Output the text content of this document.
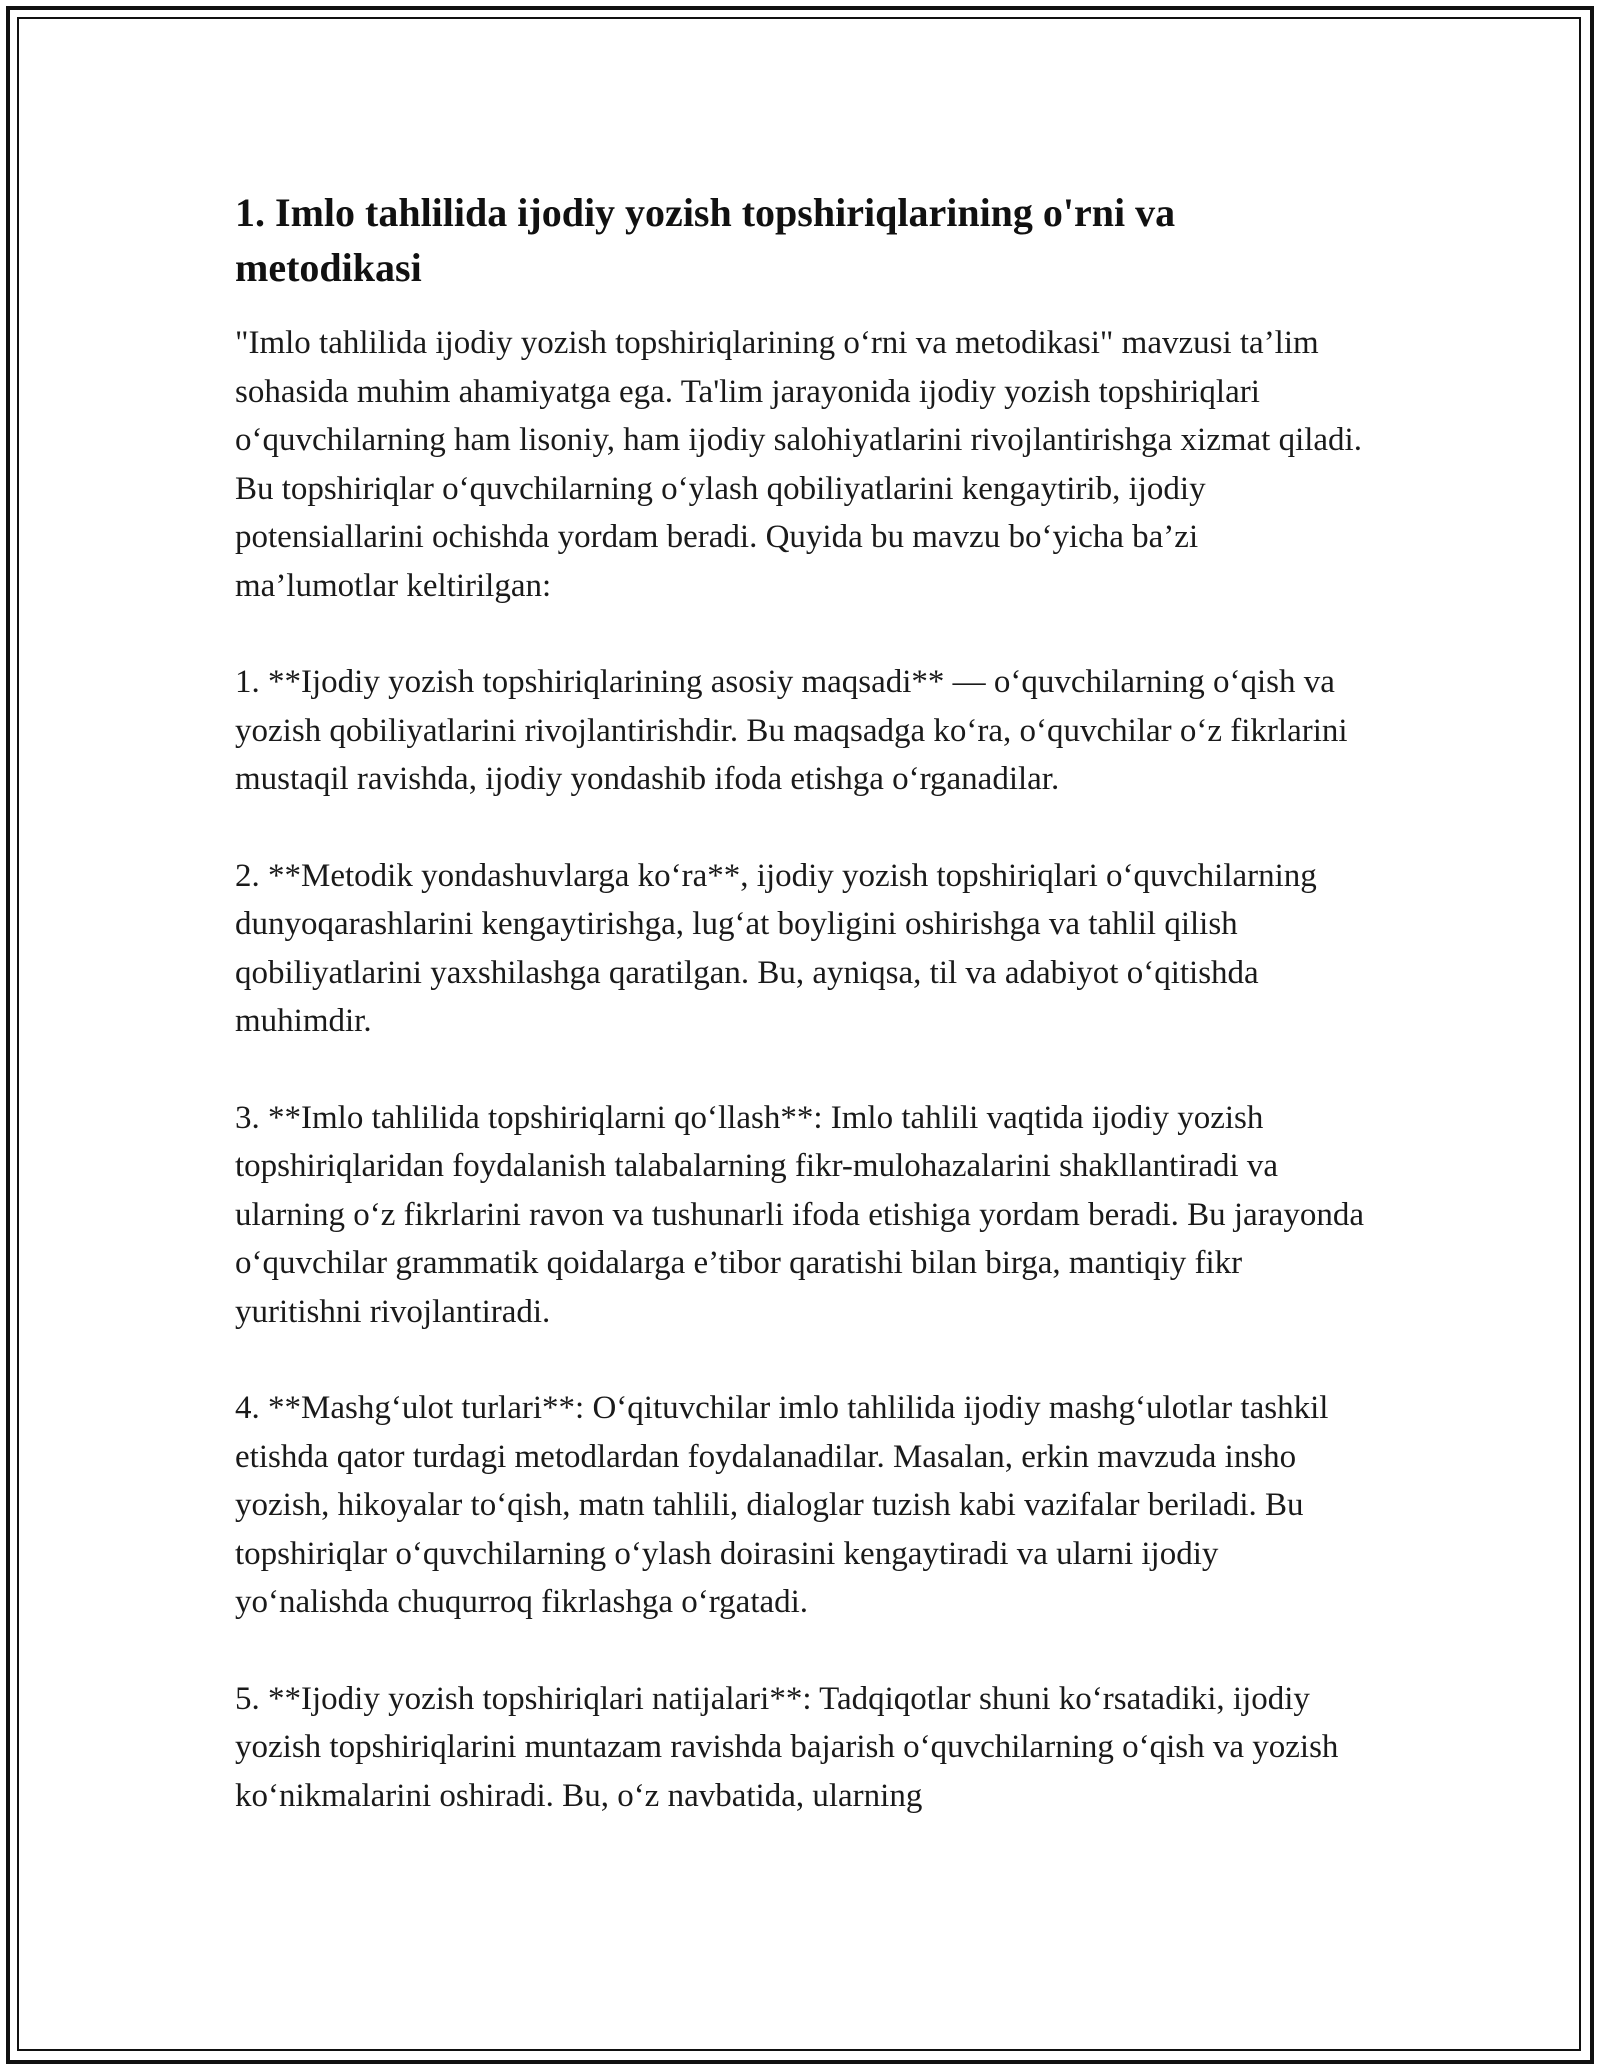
1. Imlo tahlilida ijodiy yozish topshiriqlarining o'rni va metodikasi

"Imlo tahlilida ijodiy yozish topshiriqlarining o‘rni va metodikasi" mavzusi ta’lim sohasida muhim ahamiyatga ega. Ta'lim jarayonida ijodiy yozish topshiriqlari o‘quvchilarning ham lisoniy, ham ijodiy salohiyatlarini rivojlantirishga xizmat qiladi. Bu topshiriqlar o‘quvchilarning o‘ylash qobiliyatlarini kengaytirib, ijodiy potensiallarini ochishda yordam beradi. Quyida bu mavzu bo‘yicha ba’zi ma’lumotlar keltirilgan:

1. **Ijodiy yozish topshiriqlarining asosiy maqsadi** — o‘quvchilarning o‘qish va yozish qobiliyatlarini rivojlantirishdir. Bu maqsadga ko‘ra, o‘quvchilar o‘z fikrlarini mustaqil ravishda, ijodiy yondashib ifoda etishga o‘rganadilar.

2. **Metodik yondashuvlarga ko‘ra**, ijodiy yozish topshiriqlari o‘quvchilarning dunyoqarashlarini kengaytirishga, lug‘at boyligini oshirishga va tahlil qilish qobiliyatlarini yaxshilashga qaratilgan. Bu, ayniqsa, til va adabiyot o‘qitishda muhimdir.

3. **Imlo tahlilida topshiriqlarni qo‘llash**: Imlo tahlili vaqtida ijodiy yozish topshiriqlaridan foydalanish talabalarning fikr-mulohazalarini shakllantiradi va ularning o‘z fikrlarini ravon va tushunarli ifoda etishiga yordam beradi. Bu jarayonda o‘quvchilar grammatik qoidalarga e’tibor qaratishi bilan birga, mantiqiy fikr yuritishni rivojlantiradi.

4. **Mashg‘ulot turlari**: O‘qituvchilar imlo tahlilida ijodiy mashg‘ulotlar tashkil etishda qator turdagi metodlardan foydalanadilar. Masalan, erkin mavzuda insho yozish, hikoyalar to‘qish, matn tahlili, dialoglar tuzish kabi vazifalar beriladi. Bu topshiriqlar o‘quvchilarning o‘ylash doirasini kengaytiradi va ularni ijodiy yo‘nalishda chuqurroq fikrlashga o‘rgatadi.

5. **Ijodiy yozish topshiriqlari natijalari**: Tadqiqotlar shuni ko‘rsatadiki, ijodiy yozish topshiriqlarini muntazam ravishda bajarish o‘quvchilarning o‘qish va yozish ko‘nikmalarini oshiradi. Bu, o‘z navbatida, ularning
